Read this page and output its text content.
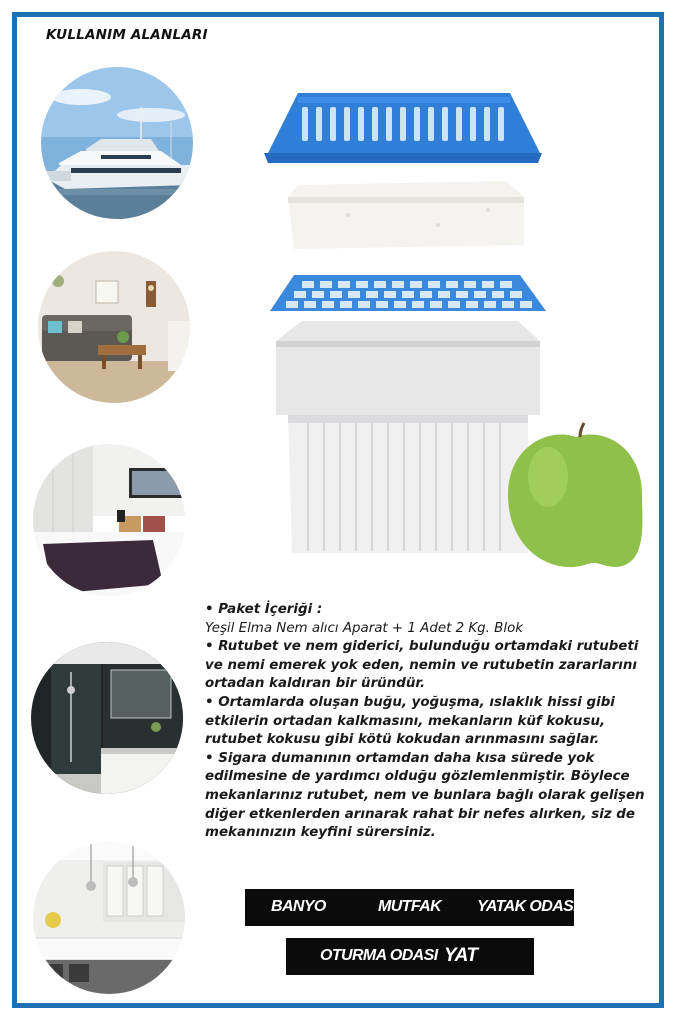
KULLANIM ALANLARI

• Paket İçeriği :

Yeşil Elma Nem alıcı Aparat + 1 Adet 2 Kg. Blok

• Rutubet ve nem giderici, bulunduğu ortamdaki rutubeti ve nemi emerek yok eden, nemin ve rutubetin zararlarını ortadan kaldıran bir üründür.

• Ortamlarda oluşan buğu, yoğuşma, ıslaklık hissi gibi etkilerin ortadan kalkmasını, mekanların küf kokusu, rutubet kokusu gibi kötü kokudan arınmasını sağlar.

• Sigara dumanının ortamdan daha kısa sürede yok edilmesine de yardımcı olduğu gözlemlenmiştir. Böylece mekanlarınız rutubet, nem ve bunlara bağlı olarak gelişen diğer etkenlerden arınarak rahat bir nefes alırken, siz de mekanınızın keyfini sürersiniz.

BANYO	MUTFAK YATAK ODASI
OTURMA ODASI YAT
